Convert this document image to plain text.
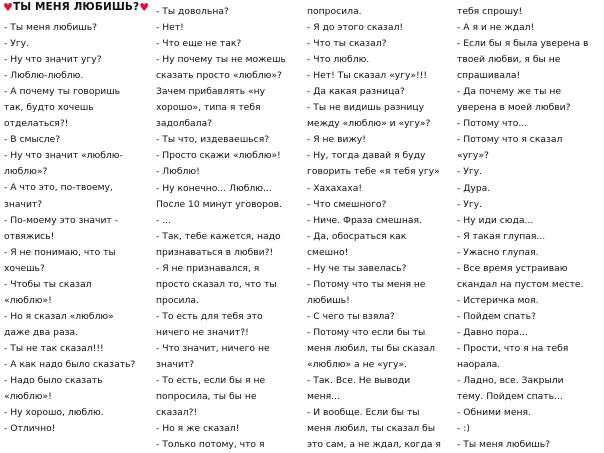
♥ ТЫ МЕНЯ ЛЮБИШЬ? ♥
- Ты меня любишь?
- Угу.
- Ну что значит угу?
- Люблю-люблю.
- А почему ты говоришь
так, будто хочешь
отделаться?!
- В смысле?
- Ну что значит «люблю-
люблю»?
- А что это, по-твоему,
значит?
- По-моему это значит -
отвяжись!
- Я не понимаю, что ты
хочешь?
- Чтобы ты сказал
«люблю»!
- Но я сказал «люблю»
даже два раза.
- Ты не так сказал!!!
- А как надо было сказать?
- Надо было сказать
«люблю»!
- Ну хорошо, люблю.
- Отлично!
- Ты довольна?
- Нет!
- Что еще не так?
- Ну почему ты не можешь
сказать просто «люблю»?
Зачем прибавлять «ну
хорошо», типа я тебя
задолбала?
- Ты что, издеваешься?
- Просто скажи «люблю»!
- Люблю!
- Ну конечно... Люблю...
После 10 минут уговоров.
- ...
- Так, тебе кажется, надо
признаваться в любви?!
- Я не признавался, я
просто сказал то, что ты
просила.
- То есть для тебя это
ничего не значит?!
- Что значит, ничего не
значит?
- То есть, если бы я не
попросила, ты бы не
сказал?!
- Но я же сказал!
- Только потому, что я
попросила.
- Я до этого сказал!
- Что ты сказал?
- Что люблю.
- Нет! Ты сказал «угу»!!!
- Да какая разница?
- Ты не видишь разницу
между «люблю» и «угу»?
- Я не вижу!
- Ну, тогда давай я буду
говорить тебе «я тебя угу»
- Хахахаха!
- Что смешного?
- Ниче. Фраза смешная.
- Да, обосраться как
смешно!
- Ну че ты завелась?
- Потому что ты меня не
любишь!
- С чего ты взяла?
- Потому что если бы ты
меня любил, ты бы сказал
«люблю» а не «угу».
- Так. Все. Не выводи
меня...
- И вообще. Если бы ты
меня любил, ты сказал бы
это сам, а не ждал, когда я
тебя спрошу!
- А я и не ждал!
- Если бы я была уверена в
твоей любви, я бы не
спрашивала!
- Да почему же ты не
уверена в моей любви?
- Потому что...
- Потому что я сказал
«угу»?
- Угу.
- Дура.
- Угу.
- Ну иди сюда...
- Я такая глупая...
- Ужасно глупая.
- Все время устраиваю
скандал на пустом месте.
- Истеричка моя.
- Пойдем спать?
- Давно пора...
- Прости, что я на тебя
наорала.
- Ладно, все. Закрыли
тему. Пойдем спать...
- Обними меня.
- :)
- Ты меня любишь?
